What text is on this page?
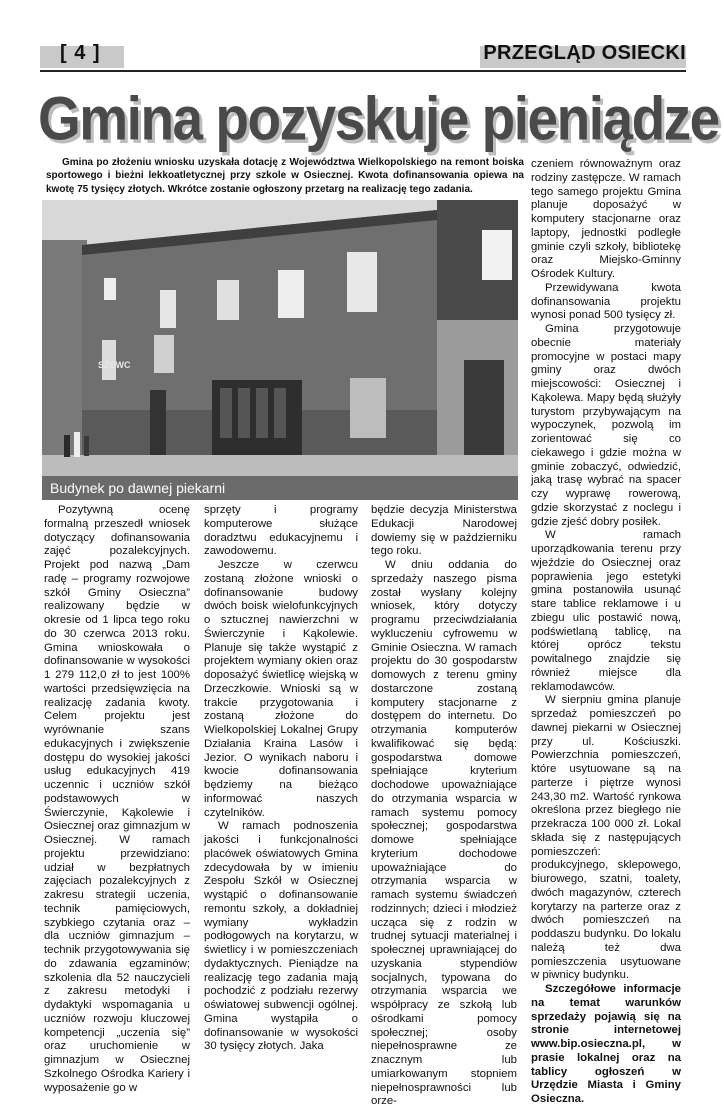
[ 4 ]	PRZEGLĄD OSIECKI
Gmina pozyskuje pieniądze
Gmina po złożeniu wniosku uzyskała dotację z Województwa Wielkopolskiego na remont boiska sportowego i bieżni lekkoatletycznej przy szkole w Osiecznej. Kwota dofinansowania opiewa na kwotę 75 tysięcy złotych. Wkrótce zostanie ogłoszony przetarg na realizację tego zadania.
SZEWC
Budynek po dawnej piekarni

Pozytywną ocenę formalną przeszedł wniosek dotyczący dofinansowania zajęć pozalekcyjnych. Projekt pod nazwą „Dam radę – programy rozwojowe szkół Gminy Osieczna” realizowany będzie w okresie od 1 lipca tego roku do 30 czerwca 2013 roku. Gmina wnioskowała o dofinansowanie w wysokości 1 279 112,0 zł to jest 100% wartości przedsięwzięcia na realizację zadania kwoty. Celem projektu jest wyrównanie szans edukacyjnych i zwiększenie dostępu do wysokiej jakości usług edukacyjnych 419 uczennic i uczniów szkół podstawowych w Świerczynie, Kąkolewie i Osiecznej oraz gimnazjum w Osiecznej. W ramach projektu przewidziano: udział w bezpłatnych zajęciach pozalekcyjnych z zakresu strategii uczenia, technik pamięciowych, szybkiego czytania oraz – dla uczniów gimnazjum – technik przygotowywania się do zdawania egzaminów; szkolenia dla 52 nauczycieli z zakresu metodyki i dydaktyki wspomagania u uczniów rozwoju kluczowej kompetencji „uczenia się” oraz uruchomienie w gimnazjum w Osiecznej Szkolnego Ośrodka Kariery i wyposażenie go w

sprzęty i programy komputerowe służące doradztwu edukacyjnemu i zawodowemu.

Jeszcze w czerwcu zostaną złożone wnioski o dofinansowanie budowy dwóch boisk wielofunkcyjnych o sztucznej nawierzchni w Świerczynie i Kąkolewie. Planuje się także wystąpić z projektem wymiany okien oraz doposażyć świetlicę wiejską w Drzeczkowie. Wnioski są w trakcie przygotowania i zostaną złożone do Wielkopolskiej Lokalnej Grupy Działania Kraina Lasów i Jezior. O wynikach naboru i kwocie dofinansowania będziemy na bieżąco informować naszych czytelników.

W ramach podnoszenia jakości i funkcjonalności placówek oświatowych Gmina zdecydowała by w imieniu Zespołu Szkół w Osiecznej wystąpić o dofinansowanie remontu szkoły, a dokładniej wymiany wykładzin podłogowych na korytarzu, w świetlicy i w pomieszczeniach dydaktycznych. Pieniądze na realizację tego zadania mają pochodzić z podziału rezerwy oświatowej subwencji ogólnej. Gmina wystąpiła o dofinansowanie w wysokości 30 tysięcy złotych. Jaka

będzie decyzja Ministerstwa Edukacji Narodowej dowiemy się w październiku tego roku.

W dniu oddania do sprzedaży naszego pisma został wysłany kolejny wniosek, który dotyczy programu przeciwdziałania wykluczeniu cyfrowemu w Gminie Osieczna. W ramach projektu do 30 gospodarstw domowych z terenu gminy dostarczone zostaną komputery stacjonarne z dostępem do internetu. Do otrzymania komputerów kwalifikować się będą: gospodarstwa domowe spełniające kryterium dochodowe upoważniające do otrzymania wsparcia w ramach systemu pomocy społecznej; gospodarstwa domowe spełniające kryterium dochodowe upoważniające do otrzymania wsparcia w ramach systemu świadczeń rodzinnych; dzieci i młodzież ucząca się z rodzin w trudnej sytuacji materialnej i społecznej uprawniającej do uzyskania stypendiów socjalnych, typowana do otrzymania wsparcia we współpracy ze szkołą lub ośrodkami pomocy społecznej; osoby niepełnosprawne ze znacznym lub umiarkowanym stopniem niepełnosprawności lub orze-

czeniem równoważnym oraz rodziny zastępcze. W ramach tego samego projektu Gmina planuje doposażyć w komputery stacjonarne oraz laptopy, jednostki podległe gminie czyli szkoły, bibliotekę oraz Miejsko-Gminny Ośrodek Kultury.

Przewidywana kwota dofinansowania projektu wynosi ponad 500 tysięcy zł.

Gmina przygotowuje obecnie materiały promocyjne w postaci mapy gminy oraz dwóch miejscowości: Osiecznej i Kąkolewa. Mapy będą służyły turystom przybywającym na wypoczynek, pozwolą im zorientować się co ciekawego i gdzie można w gminie zobaczyć, odwiedzić, jaką trasę wybrać na spacer czy wyprawę rowerową, gdzie skorzystać z noclegu i gdzie zjeść dobry posiłek.

W ramach uporządkowania terenu przy wjeździe do Osiecznej oraz poprawienia jego estetyki gmina postanowiła usunąć stare tablice reklamowe i u zbiegu ulic postawić nową, podświetlaną tablicę, na której oprócz tekstu powitalnego znajdzie się również miejsce dla reklamodawców.

W sierpniu gmina planuje sprzedaż pomieszczeń po dawnej piekarni w Osiecznej przy ul. Kościuszki. Powierzchnia pomieszczeń, które usytuowane są na parterze i piętrze wynosi 243,30 m2. Wartość rynkowa określona przez biegłego nie przekracza 100 000 zł. Lokal składa się z następujących pomieszczeń: produkcyjnego, sklepowego, biurowego, szatni, toalety, dwóch magazynów, czterech korytarzy na parterze oraz z dwóch pomieszczeń na poddaszu budynku. Do lokalu należą też dwa pomieszczenia usytuowane w piwnicy budynku.

Szczegółowe informacje na temat warunków sprzedaży pojawią się na stronie internetowej www.bip.osieczna.pl, w prasie lokalnej oraz na tablicy ogłoszeń w Urzędzie Miasta i Gminy Osieczna.
